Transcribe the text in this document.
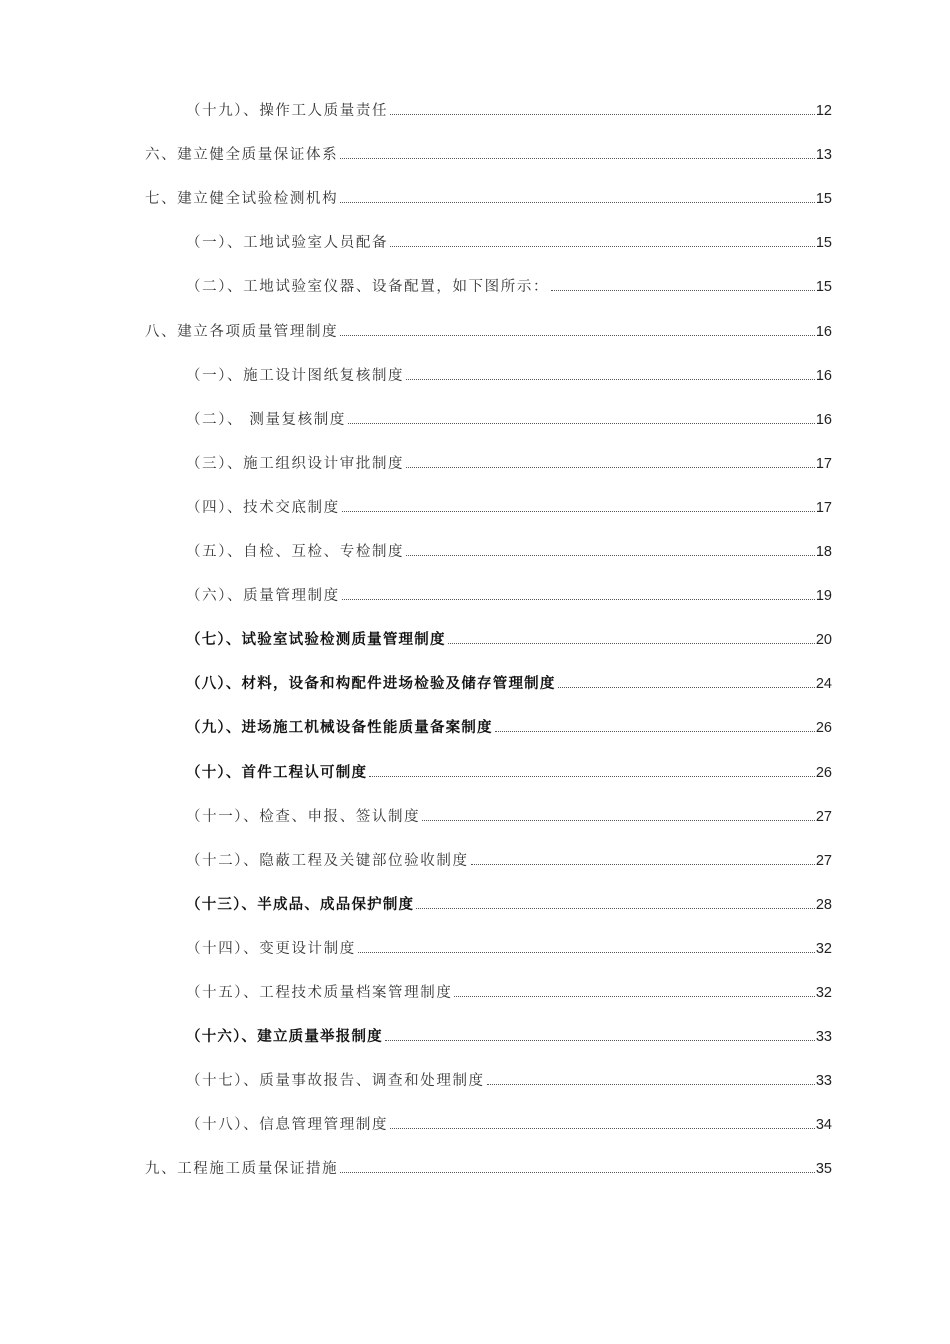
（十九）、操作工人质量责任	12
六、建立健全质量保证体系	13
七、建立健全试验检测机构	15
（一）、工地试验室人员配备	15
（二）、工地试验室仪器、设备配置，如下图所示：	15
八、建立各项质量管理制度	16
（一）、施工设计图纸复核制度	16
（二）、 测量复核制度	16
（三）、施工组织设计审批制度	17
（四）、技术交底制度	17
（五）、自检、互检、专检制度	18
（六）、质量管理制度	19
（七）、试验室试验检测质量管理制度	20
（八）、材料，设备和构配件进场检验及储存管理制度	24
（九）、进场施工机械设备性能质量备案制度	26
（十）、首件工程认可制度	26
（十一）、检查、申报、签认制度	27
（十二）、隐蔽工程及关键部位验收制度	27
（十三）、半成品、成品保护制度	28
（十四）、变更设计制度	32
（十五）、工程技术质量档案管理制度	32
（十六）、建立质量举报制度	33
（十七）、质量事故报告、调查和处理制度	33
（十八）、信息管理管理制度	34
九、工程施工质量保证措施	35
